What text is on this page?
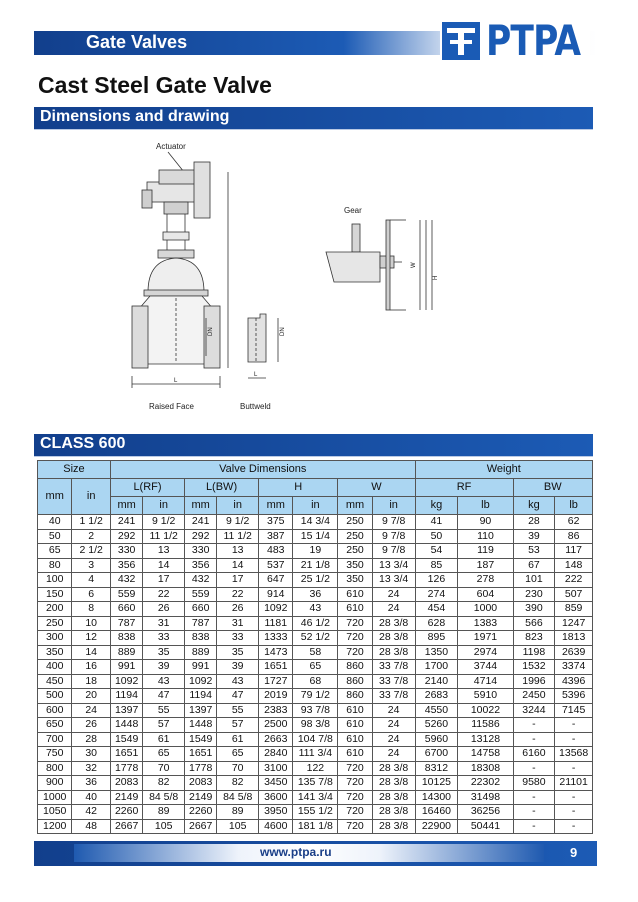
Gate Valves	PTPA
Cast Steel Gate Valve
Dimensions and drawing
Actuator
Gear
Raised Face	Buttweld
DN	DN
L
L
W
H
CLASS 600
Size		Valve Dimensions								Weight			
mm	in	L(RF)		L(BW)		H		W		RF		BW	
		mm	in	mm	in	mm	in	mm	in	kg	lb	kg	lb
40	1 1/2	241	9 1/2	241	9 1/2	375	14 3/4	250	9 7/8	41	90	28	62
50	2	292	11 1/2	292	11 1/2	387	15 1/4	250	9 7/8	50	110	39	86
65	2 1/2	330	13	330	13	483	19	250	9 7/8	54	119	53	117
80	3	356	14	356	14	537	21 1/8	350	13 3/4	85	187	67	148
100	4	432	17	432	17	647	25 1/2	350	13 3/4	126	278	101	222
150	6	559	22	559	22	914	36	610	24	274	604	230	507
200	8	660	26	660	26	1092	43	610	24	454	1000	390	859
250	10	787	31	787	31	1181	46 1/2	720	28 3/8	628	1383	566	1247
300	12	838	33	838	33	1333	52 1/2	720	28 3/8	895	1971	823	1813
350	14	889	35	889	35	1473	58	720	28 3/8	1350	2974	1198	2639
400	16	991	39	991	39	1651	65	860	33 7/8	1700	3744	1532	3374
450	18	1092	43	1092	43	1727	68	860	33 7/8	2140	4714	1996	4396
500	20	1194	47	1194	47	2019	79 1/2	860	33 7/8	2683	5910	2450	5396
600	24	1397	55	1397	55	2383	93 7/8	610	24	4550	10022	3244	7145
650	26	1448	57	1448	57	2500	98 3/8	610	24	5260	11586	-	-
700	28	1549	61	1549	61	2663	104 7/8	610	24	5960	13128	-	-
750	30	1651	65	1651	65	2840	111 3/4	610	24	6700	14758	6160	13568
800	32	1778	70	1778	70	3100	122	720	28 3/8	8312	18308	-	-
900	36	2083	82	2083	82	3450	135 7/8	720	28 3/8	10125	22302	9580	21101
1000	40	2149	84 5/8	2149	84 5/8	3600	141 3/4	720	28 3/8	14300	31498	-	-
1050	42	2260	89	2260	89	3950	155 1/2	720	28 3/8	16460	36256	-	-
1200	48	2667	105	2667	105	4600	181 1/8	720	28 3/8	22900	50441	-	-
www.ptpa.ru	9
